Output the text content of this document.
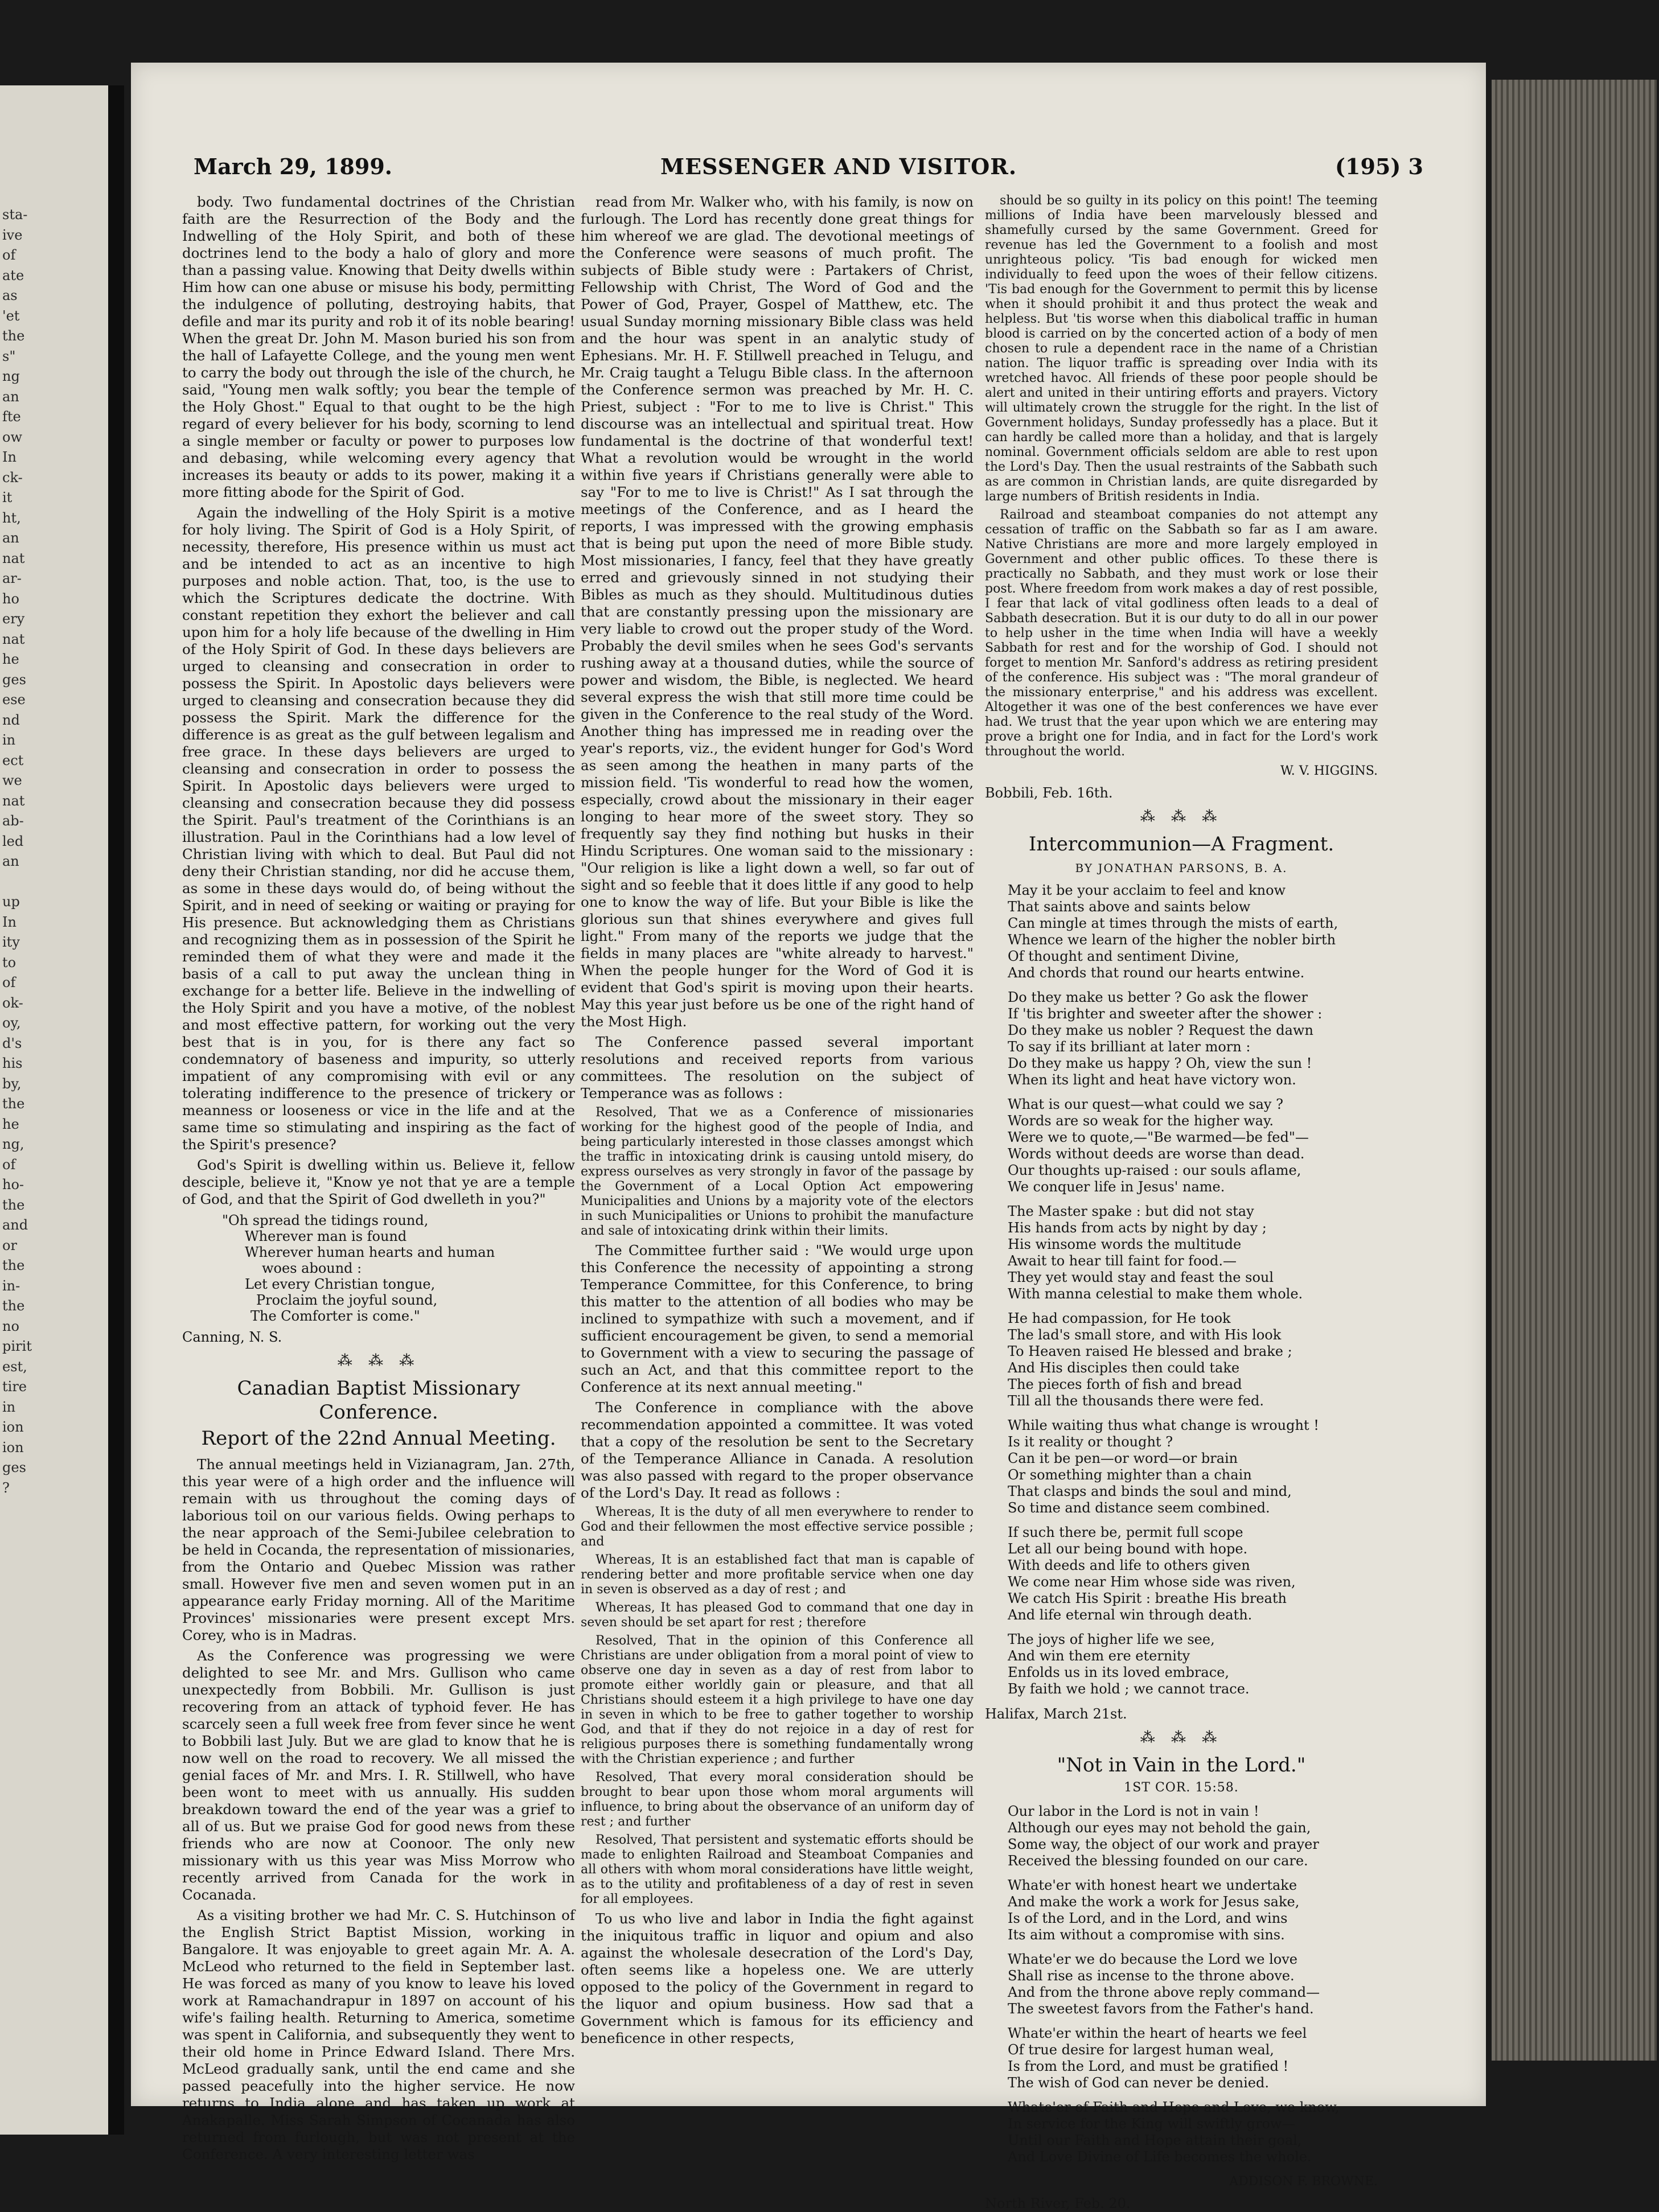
sta-
ive
of
ate
as
'et
the
s"
ng
an
fte
ow
In
ck-
it
ht,
an
nat
ar-
ho
ery
nat
he
ges
ese
nd
in
ect
we
nat
ab-
led
an
up
In
ity
to
of
ok-
oy,
d's
his
by,
the
he
ng,
of
ho-
the
and
or
the
in-
the
no
pirit
est,
tire
in
ion
ion
ges
?
March 29, 1899.	MESSENGER AND VISITOR.	(195) 3

body. Two fundamental doctrines of the Christian faith are the Resurrection of the Body and the Indwelling of the Holy Spirit, and both of these doctrines lend to the body a halo of glory and more than a passing value. Knowing that Deity dwells within Him how can one abuse or misuse his body, permitting the indulgence of polluting, destroying habits, that defile and mar its purity and rob it of its noble bearing! When the great Dr. John M. Mason buried his son from the hall of Lafayette College, and the young men went to carry the body out through the isle of the church, he said, "Young men walk softly; you bear the temple of the Holy Ghost." Equal to that ought to be the high regard of every believer for his body, scorning to lend a single member or faculty or power to purposes low and debasing, while welcoming every agency that increases its beauty or adds to its power, making it a more fitting abode for the Spirit of God.

Again the indwelling of the Holy Spirit is a motive for holy living. The Spirit of God is a Holy Spirit, of necessity, therefore, His presence within us must act and be intended to act as an incentive to high purposes and noble action. That, too, is the use to which the Scriptures dedicate the doctrine. With constant repetition they exhort the believer and call upon him for a holy life because of the dwelling in Him of the Holy Spirit of God. In these days believers are urged to cleansing and consecration in order to possess the Spirit. In Apostolic days believers were urged to cleansing and consecration because they did possess the Spirit. Mark the difference for the difference is as great as the gulf between legalism and free grace. In these days believers are urged to cleansing and consecration in order to possess the Spirit. In Apostolic days believers were urged to cleansing and consecration because they did possess the Spirit. Paul's treatment of the Corinthians is an illustration. Paul in the Corinthians had a low level of Christian living with which to deal. But Paul did not deny their Christian standing, nor did he accuse them, as some in these days would do, of being without the Spirit, and in need of seeking or waiting or praying for His presence. But acknowledging them as Christians and recognizing them as in possession of the Spirit he reminded them of what they were and made it the basis of a call to put away the unclean thing in exchange for a better life. Believe in the indwelling of the Holy Spirit and you have a motive, of the noblest and most effective pattern, for working out the very best that is in you, for is there any fact so condemnatory of baseness and impurity, so utterly impatient of any compromising with evil or any tolerating indifference to the presence of trickery or meanness or looseness or vice in the life and at the same time so stimulating and inspiring as the fact of the Spirit's presence?

God's Spirit is dwelling within us. Believe it, fellow desciple, believe it, "Know ye not that ye are a temple of God, and that the Spirit of God dwelleth in you?"

"Oh spread the tidings round,
Wherever man is found
Wherever human hearts and human
woes abound :
Let every Christian tongue,
Proclaim the joyful sound,
The Comforter is come."
Canning, N. S.
⁂ ⁂ ⁂
Canadian Baptist Missionary Conference.
Report of the 22nd Annual Meeting.

The annual meetings held in Vizianagram, Jan. 27th, this year were of a high order and the influence will remain with us throughout the coming days of laborious toil on our various fields. Owing perhaps to the near approach of the Semi-Jubilee celebration to be held in Cocanda, the representation of missionaries, from the Ontario and Quebec Mission was rather small. However five men and seven women put in an appearance early Friday morning. All of the Maritime Provinces' missionaries were present except Mrs. Corey, who is in Madras.

As the Conference was progressing we were delighted to see Mr. and Mrs. Gullison who came unexpectedly from Bobbili. Mr. Gullison is just recovering from an attack of typhoid fever. He has scarcely seen a full week free from fever since he went to Bobbili last July. But we are glad to know that he is now well on the road to recovery. We all missed the genial faces of Mr. and Mrs. I. R. Stillwell, who have been wont to meet with us annually. His sudden breakdown toward the end of the year was a grief to all of us. But we praise God for good news from these friends who are now at Coonoor. The only new missionary with us this year was Miss Morrow who recently arrived from Canada for the work in Cocanada.

As a visiting brother we had Mr. C. S. Hutchinson of the English Strict Baptist Mission, working in Bangalore. It was enjoyable to greet again Mr. A. A. McLeod who returned to the field in September last. He was forced as many of you know to leave his loved work at Ramachandrapur in 1897 on account of his wife's failing health. Returning to America, sometime was spent in California, and subsequently they went to their old home in Prince Edward Island. There Mrs. McLeod gradually sank, until the end came and she passed peacefully into the higher service. He now returns to India alone and has taken up work at Anakapalle. Miss Sarah Simpson of Cocanada has also returned from furlough, but was not present at the Conference. A very interesting letter was

read from Mr. Walker who, with his family, is now on furlough. The Lord has recently done great things for him whereof we are glad. The devotional meetings of the Conference were seasons of much profit. The subjects of Bible study were : Partakers of Christ, Fellowship with Christ, The Word of God and the Power of God, Prayer, Gospel of Matthew, etc. The usual Sunday morning missionary Bible class was held and the hour was spent in an analytic study of Ephesians. Mr. H. F. Stillwell preached in Telugu, and Mr. Craig taught a Telugu Bible class. In the afternoon the Conference sermon was preached by Mr. H. C. Priest, subject : "For to me to live is Christ." This discourse was an intellectual and spiritual treat. How fundamental is the doctrine of that wonderful text! What a revolution would be wrought in the world within five years if Christians generally were able to say "For to me to live is Christ!" As I sat through the meetings of the Conference, and as I heard the reports, I was impressed with the growing emphasis that is being put upon the need of more Bible study. Most missionaries, I fancy, feel that they have greatly erred and grievously sinned in not studying their Bibles as much as they should. Multitudinous duties that are constantly pressing upon the missionary are very liable to crowd out the proper study of the Word. Probably the devil smiles when he sees God's servants rushing away at a thousand duties, while the source of power and wisdom, the Bible, is neglected. We heard several express the wish that still more time could be given in the Conference to the real study of the Word. Another thing has impressed me in reading over the year's reports, viz., the evident hunger for God's Word as seen among the heathen in many parts of the mission field. 'Tis wonderful to read how the women, especially, crowd about the missionary in their eager longing to hear more of the sweet story. They so frequently say they find nothing but husks in their Hindu Scriptures. One woman said to the missionary : "Our religion is like a light down a well, so far out of sight and so feeble that it does little if any good to help one to know the way of life. But your Bible is like the glorious sun that shines everywhere and gives full light." From many of the reports we judge that the fields in many places are "white already to harvest." When the people hunger for the Word of God it is evident that God's spirit is moving upon their hearts. May this year just before us be one of the right hand of the Most High.

The Conference passed several important resolutions and received reports from various committees. The resolution on the subject of Temperance was as follows :

Resolved, That we as a Conference of missionaries working for the highest good of the people of India, and being particularly interested in those classes amongst which the traffic in intoxicating drink is causing untold misery, do express ourselves as very strongly in favor of the passage by the Government of a Local Option Act empowering Municipalities and Unions by a majority vote of the electors in such Municipalities or Unions to prohibit the manufacture and sale of intoxicating drink within their limits.

The Committee further said : "We would urge upon this Conference the necessity of appointing a strong Temperance Committee, for this Conference, to bring this matter to the attention of all bodies who may be inclined to sympathize with such a movement, and if sufficient encouragement be given, to send a memorial to Government with a view to securing the passage of such an Act, and that this committee report to the Conference at its next annual meeting."

The Conference in compliance with the above recommendation appointed a committee. It was voted that a copy of the resolution be sent to the Secretary of the Temperance Alliance in Canada. A resolution was also passed with regard to the proper observance of the Lord's Day. It read as follows :

Whereas, It is the duty of all men everywhere to render to God and their fellowmen the most effective service possible ; and

Whereas, It is an established fact that man is capable of rendering better and more profitable service when one day in seven is observed as a day of rest ; and

Whereas, It has pleased God to command that one day in seven should be set apart for rest ; therefore

Resolved, That in the opinion of this Conference all Christians are under obligation from a moral point of view to observe one day in seven as a day of rest from labor to promote either worldly gain or pleasure, and that all Christians should esteem it a high privilege to have one day in seven in which to be free to gather together to worship God, and that if they do not rejoice in a day of rest for religious purposes there is something fundamentally wrong with the Christian experience ; and further

Resolved, That every moral consideration should be brought to bear upon those whom moral arguments will influence, to bring about the observance of an uniform day of rest ; and further

Resolved, That persistent and systematic efforts should be made to enlighten Railroad and Steamboat Companies and all others with whom moral considerations have little weight, as to the utility and profitableness of a day of rest in seven for all employees.

To us who live and labor in India the fight against the iniquitous traffic in liquor and opium and also against the wholesale desecration of the Lord's Day, often seems like a hopeless one. We are utterly opposed to the policy of the Government in regard to the liquor and opium business. How sad that a Government which is famous for its efficiency and beneficence in other respects,

should be so guilty in its policy on this point! The teeming millions of India have been marvelously blessed and shamefully cursed by the same Government. Greed for revenue has led the Government to a foolish and most unrighteous policy. 'Tis bad enough for wicked men individually to feed upon the woes of their fellow citizens. 'Tis bad enough for the Government to permit this by license when it should prohibit it and thus protect the weak and helpless. But 'tis worse when this diabolical traffic in human blood is carried on by the concerted action of a body of men chosen to rule a dependent race in the name of a Christian nation. The liquor traffic is spreading over India with its wretched havoc. All friends of these poor people should be alert and united in their untiring efforts and prayers. Victory will ultimately crown the struggle for the right. In the list of Government holidays, Sunday professedly has a place. But it can hardly be called more than a holiday, and that is largely nominal. Government officials seldom are able to rest upon the Lord's Day. Then the usual restraints of the Sabbath such as are common in Christian lands, are quite disregarded by large numbers of British residents in India.

Railroad and steamboat companies do not attempt any cessation of traffic on the Sabbath so far as I am aware. Native Christians are more and more largely employed in Government and other public offices. To these there is practically no Sabbath, and they must work or lose their post. Where freedom from work makes a day of rest possible, I fear that lack of vital godliness often leads to a deal of Sabbath desecration. But it is our duty to do all in our power to help usher in the time when India will have a weekly Sabbath for rest and for the worship of God. I should not forget to mention Mr. Sanford's address as retiring president of the conference. His subject was : "The moral grandeur of the missionary enterprise," and his address was excellent. Altogether it was one of the best conferences we have ever had. We trust that the year upon which we are entering may prove a bright one for India, and in fact for the Lord's work throughout the world.

W. V. HIGGINS.
Bobbili, Feb. 16th.
⁂ ⁂ ⁂
Intercommunion—A Fragment.
BY JONATHAN PARSONS, B. A.
May it be your acclaim to feel and know
That saints above and saints below
Can mingle at times through the mists of earth,
Whence we learn of the higher the nobler birth
Of thought and sentiment Divine,
And chords that round our hearts entwine.
Do they make us better ? Go ask the flower
If 'tis brighter and sweeter after the shower :
Do they make us nobler ? Request the dawn
To say if its brilliant at later morn :
Do they make us happy ? Oh, view the sun !
When its light and heat have victory won.
What is our quest—what could we say ?
Words are so weak for the higher way.
Were we to quote,—"Be warmed—be fed"—
Words without deeds are worse than dead.
Our thoughts up-raised : our souls aflame,
We conquer life in Jesus' name.
The Master spake : but did not stay
His hands from acts by night by day ;
His winsome words the multitude
Await to hear till faint for food.—
They yet would stay and feast the soul
With manna celestial to make them whole.
He had compassion, for He took
The lad's small store, and with His look
To Heaven raised He blessed and brake ;
And His disciples then could take
The pieces forth of fish and bread
Till all the thousands there were fed.
While waiting thus what change is wrought !
Is it reality or thought ?
Can it be pen—or word—or brain
Or something mighter than a chain
That clasps and binds the soul and mind,
So time and distance seem combined.
If such there be, permit full scope
Let all our being bound with hope.
With deeds and life to others given
We come near Him whose side was riven,
We catch His Spirit : breathe His breath
And life eternal win through death.
The joys of higher life we see,
And win them ere eternity
Enfolds us in its loved embrace,
By faith we hold ; we cannot trace.
Halifax, March 21st.
⁂ ⁂ ⁂
"Not in Vain in the Lord."
1ST COR. 15:58.
Our labor in the Lord is not in vain !
Although our eyes may not behold the gain,
Some way, the object of our work and prayer
Received the blessing founded on our care.
Whate'er with honest heart we undertake
And make the work a work for Jesus sake,
Is of the Lord, and in the Lord, and wins
Its aim without a compromise with sins.
Whate'er we do because the Lord we love
Shall rise as incense to the throne above.
And from the throne above reply command—
The sweetest favors from the Father's hand.
Whate'er within the heart of hearts we feel
Of true desire for largest human weal,
Is from the Lord, and must be gratified !
The wish of God can never be denied.
Whate'er of Faith and Hope and Love, we know,
In service for the King will swiftly grow—
Until our Faith and Hope attain their goal,
And Love Divine of Life becomes the whole.
ADDISON F. BROWNE.
North River, Feb. 20.
